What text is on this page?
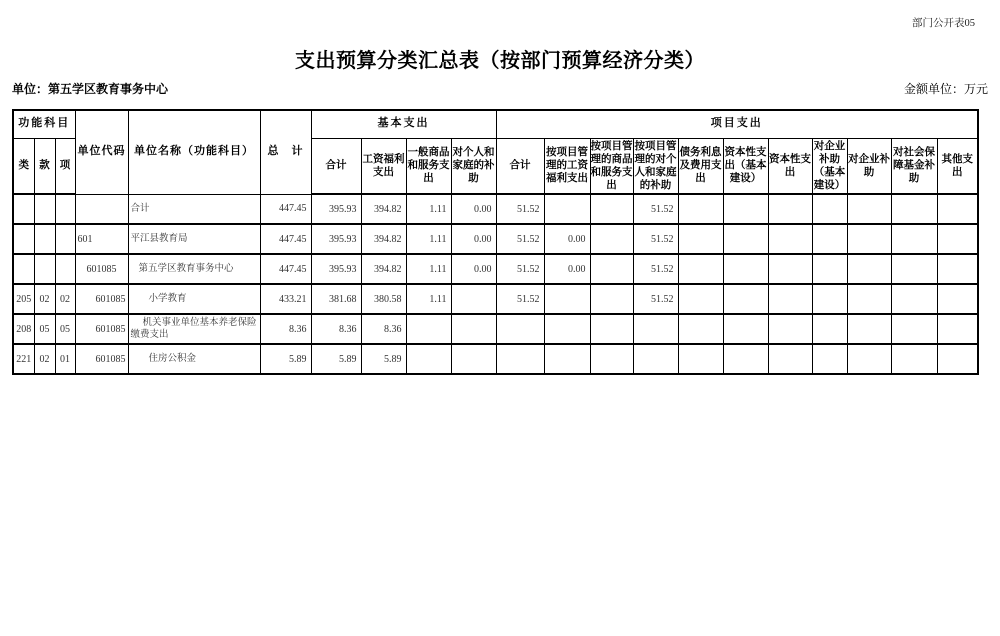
部门公开表05
支出预算分类汇总表（按部门预算经济分类）
单位：第五学区教育事务中心	金额单位：万元
功能科目			单位代码	单位名称（功能科目）	总　计	基本支出				项目支出										
类	款	项				合计	工资福利支出	一般商品和服务支出	对个人和家庭的补助	合计	按项目管理的工资福利支出	按项目管理的商品和服务支出	按项目管理的对个人和家庭的补助	债务利息及费用支出	资本性支出（基本建设）	资本性支出	对企业补助（基本建设）	对企业补助	对社会保障基金补助	其他支出
				合计	447.45	395.93	394.82	1.11	0.00	51.52			51.52							
			601	平江县教育局	447.45	395.93	394.82	1.11	0.00	51.52	0.00		51.52							
			601085	第五学区教育事务中心	447.45	395.93	394.82	1.11	0.00	51.52	0.00		51.52							
205	02	02	601085	小学教育	433.21	381.68	380.58	1.11		51.52			51.52							
208	05	05	601085	机关事业单位基本养老保险缴费支出	8.36	8.36	8.36													
221	02	01	601085	住房公积金	5.89	5.89	5.89													
